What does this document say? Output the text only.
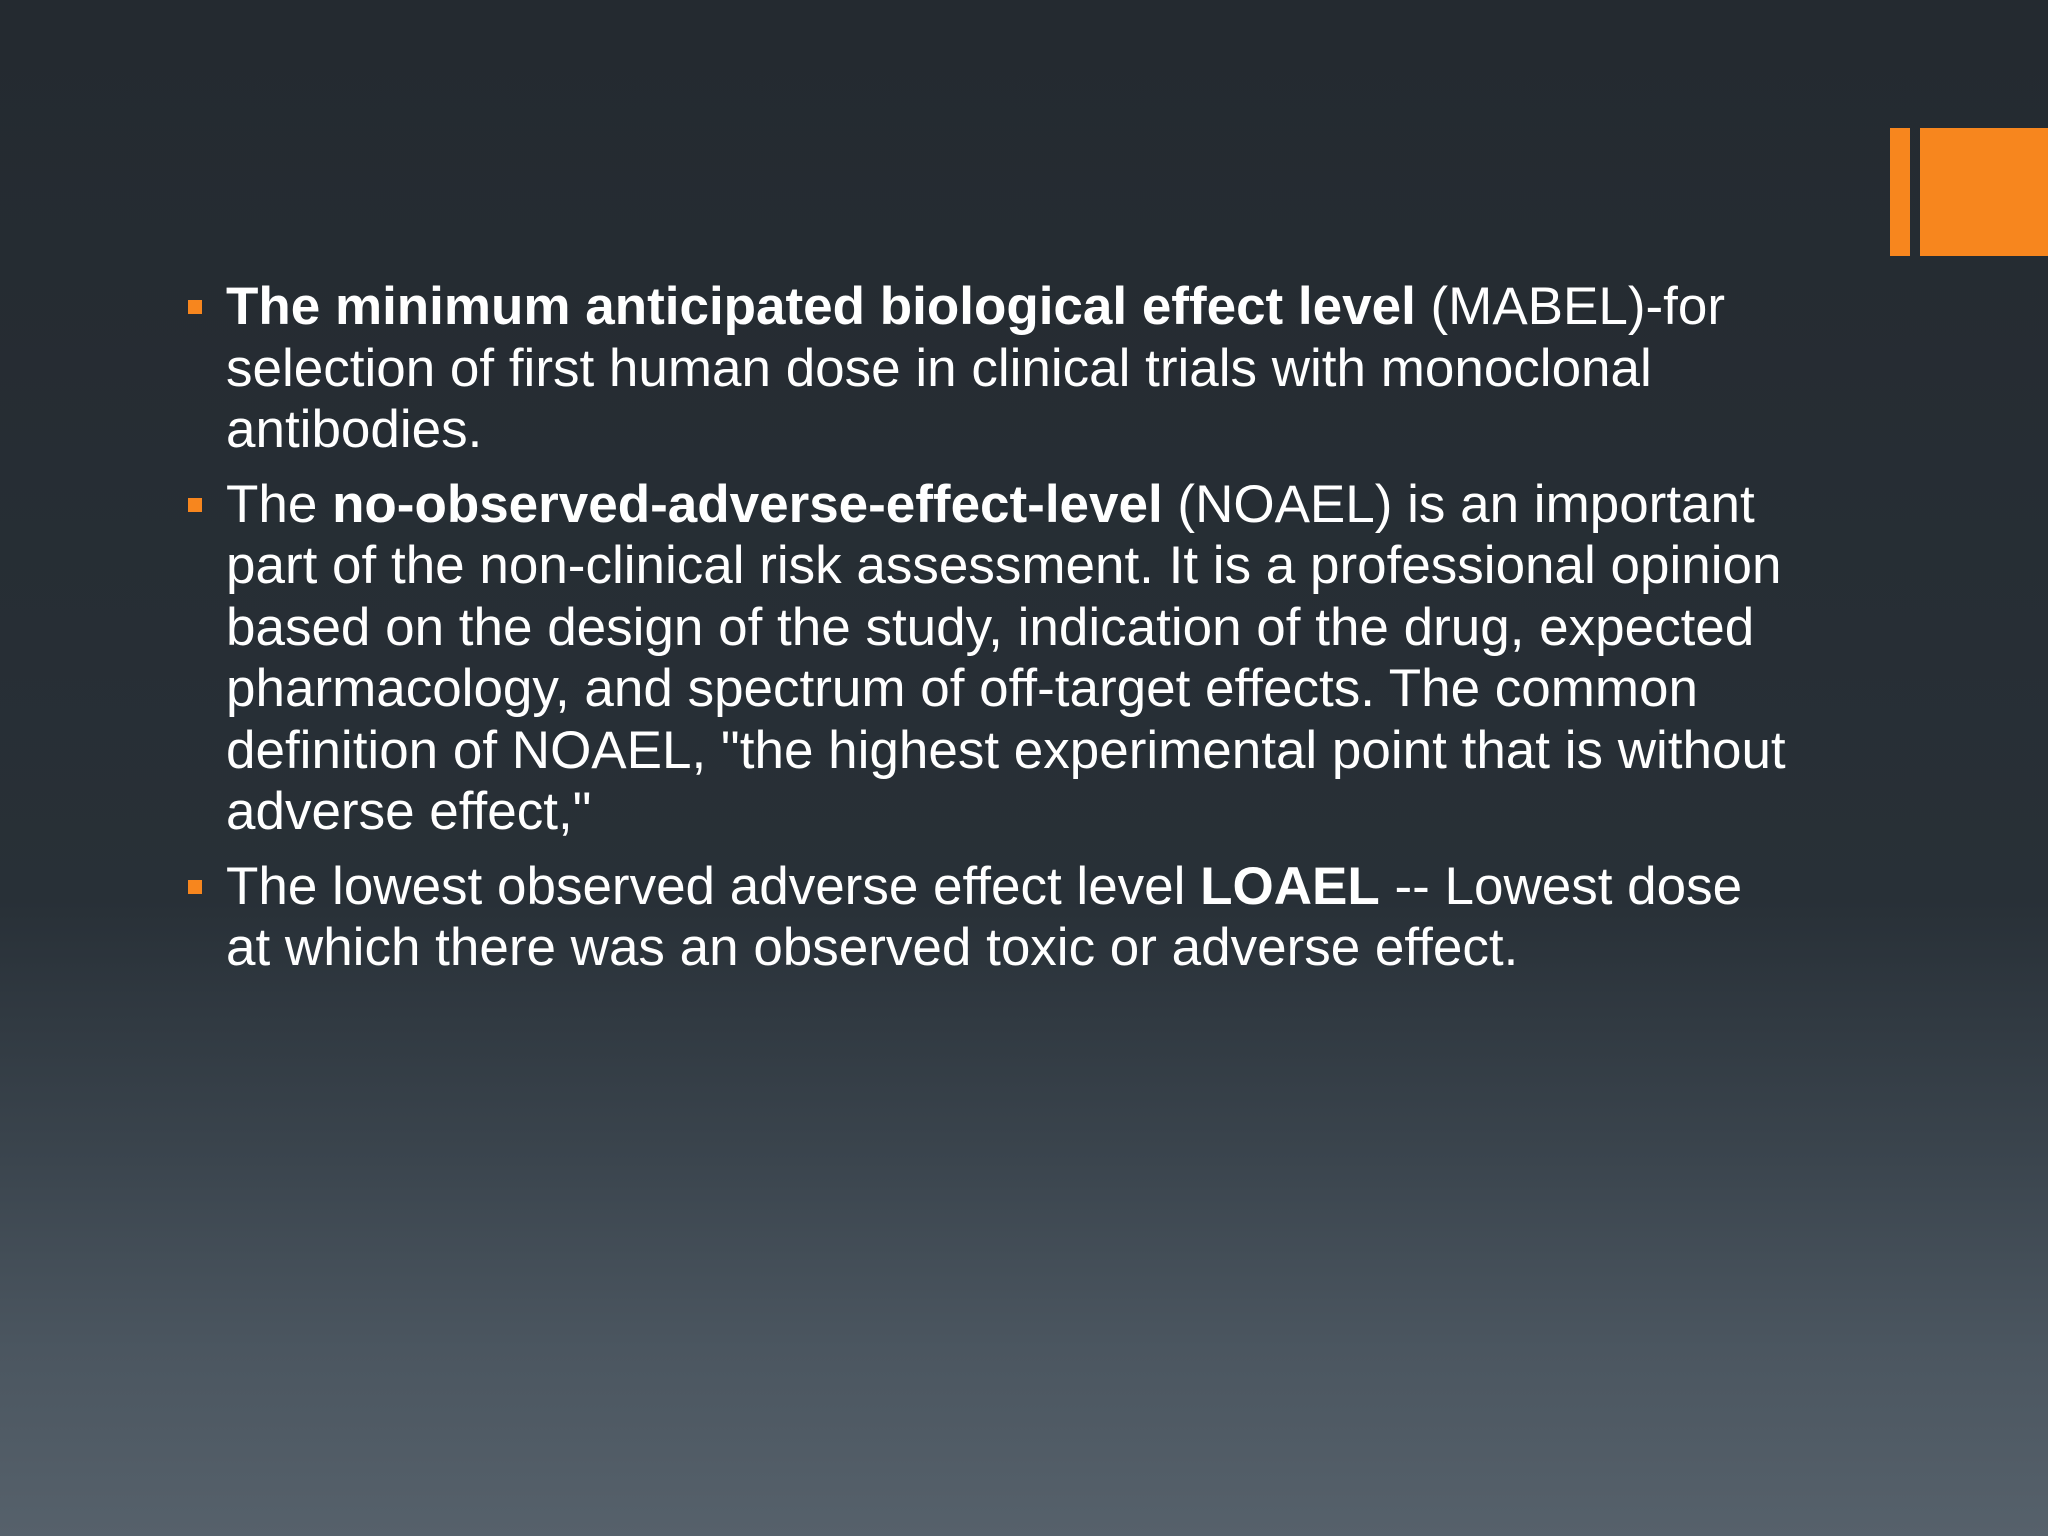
The minimum anticipated biological effect level (MABEL)-for selection of first human dose in clinical trials with monoclonal antibodies.
The no-observed-adverse-effect-level (NOAEL) is an important part of the non-clinical risk assessment. It is a professional opinion based on the design of the study, indication of the drug, expected pharmacology, and spectrum of off-target effects. The common definition of NOAEL, "the highest experimental point that is without adverse effect,"
The lowest observed adverse effect level LOAEL -- Lowest dose at which there was an observed toxic or adverse effect.
